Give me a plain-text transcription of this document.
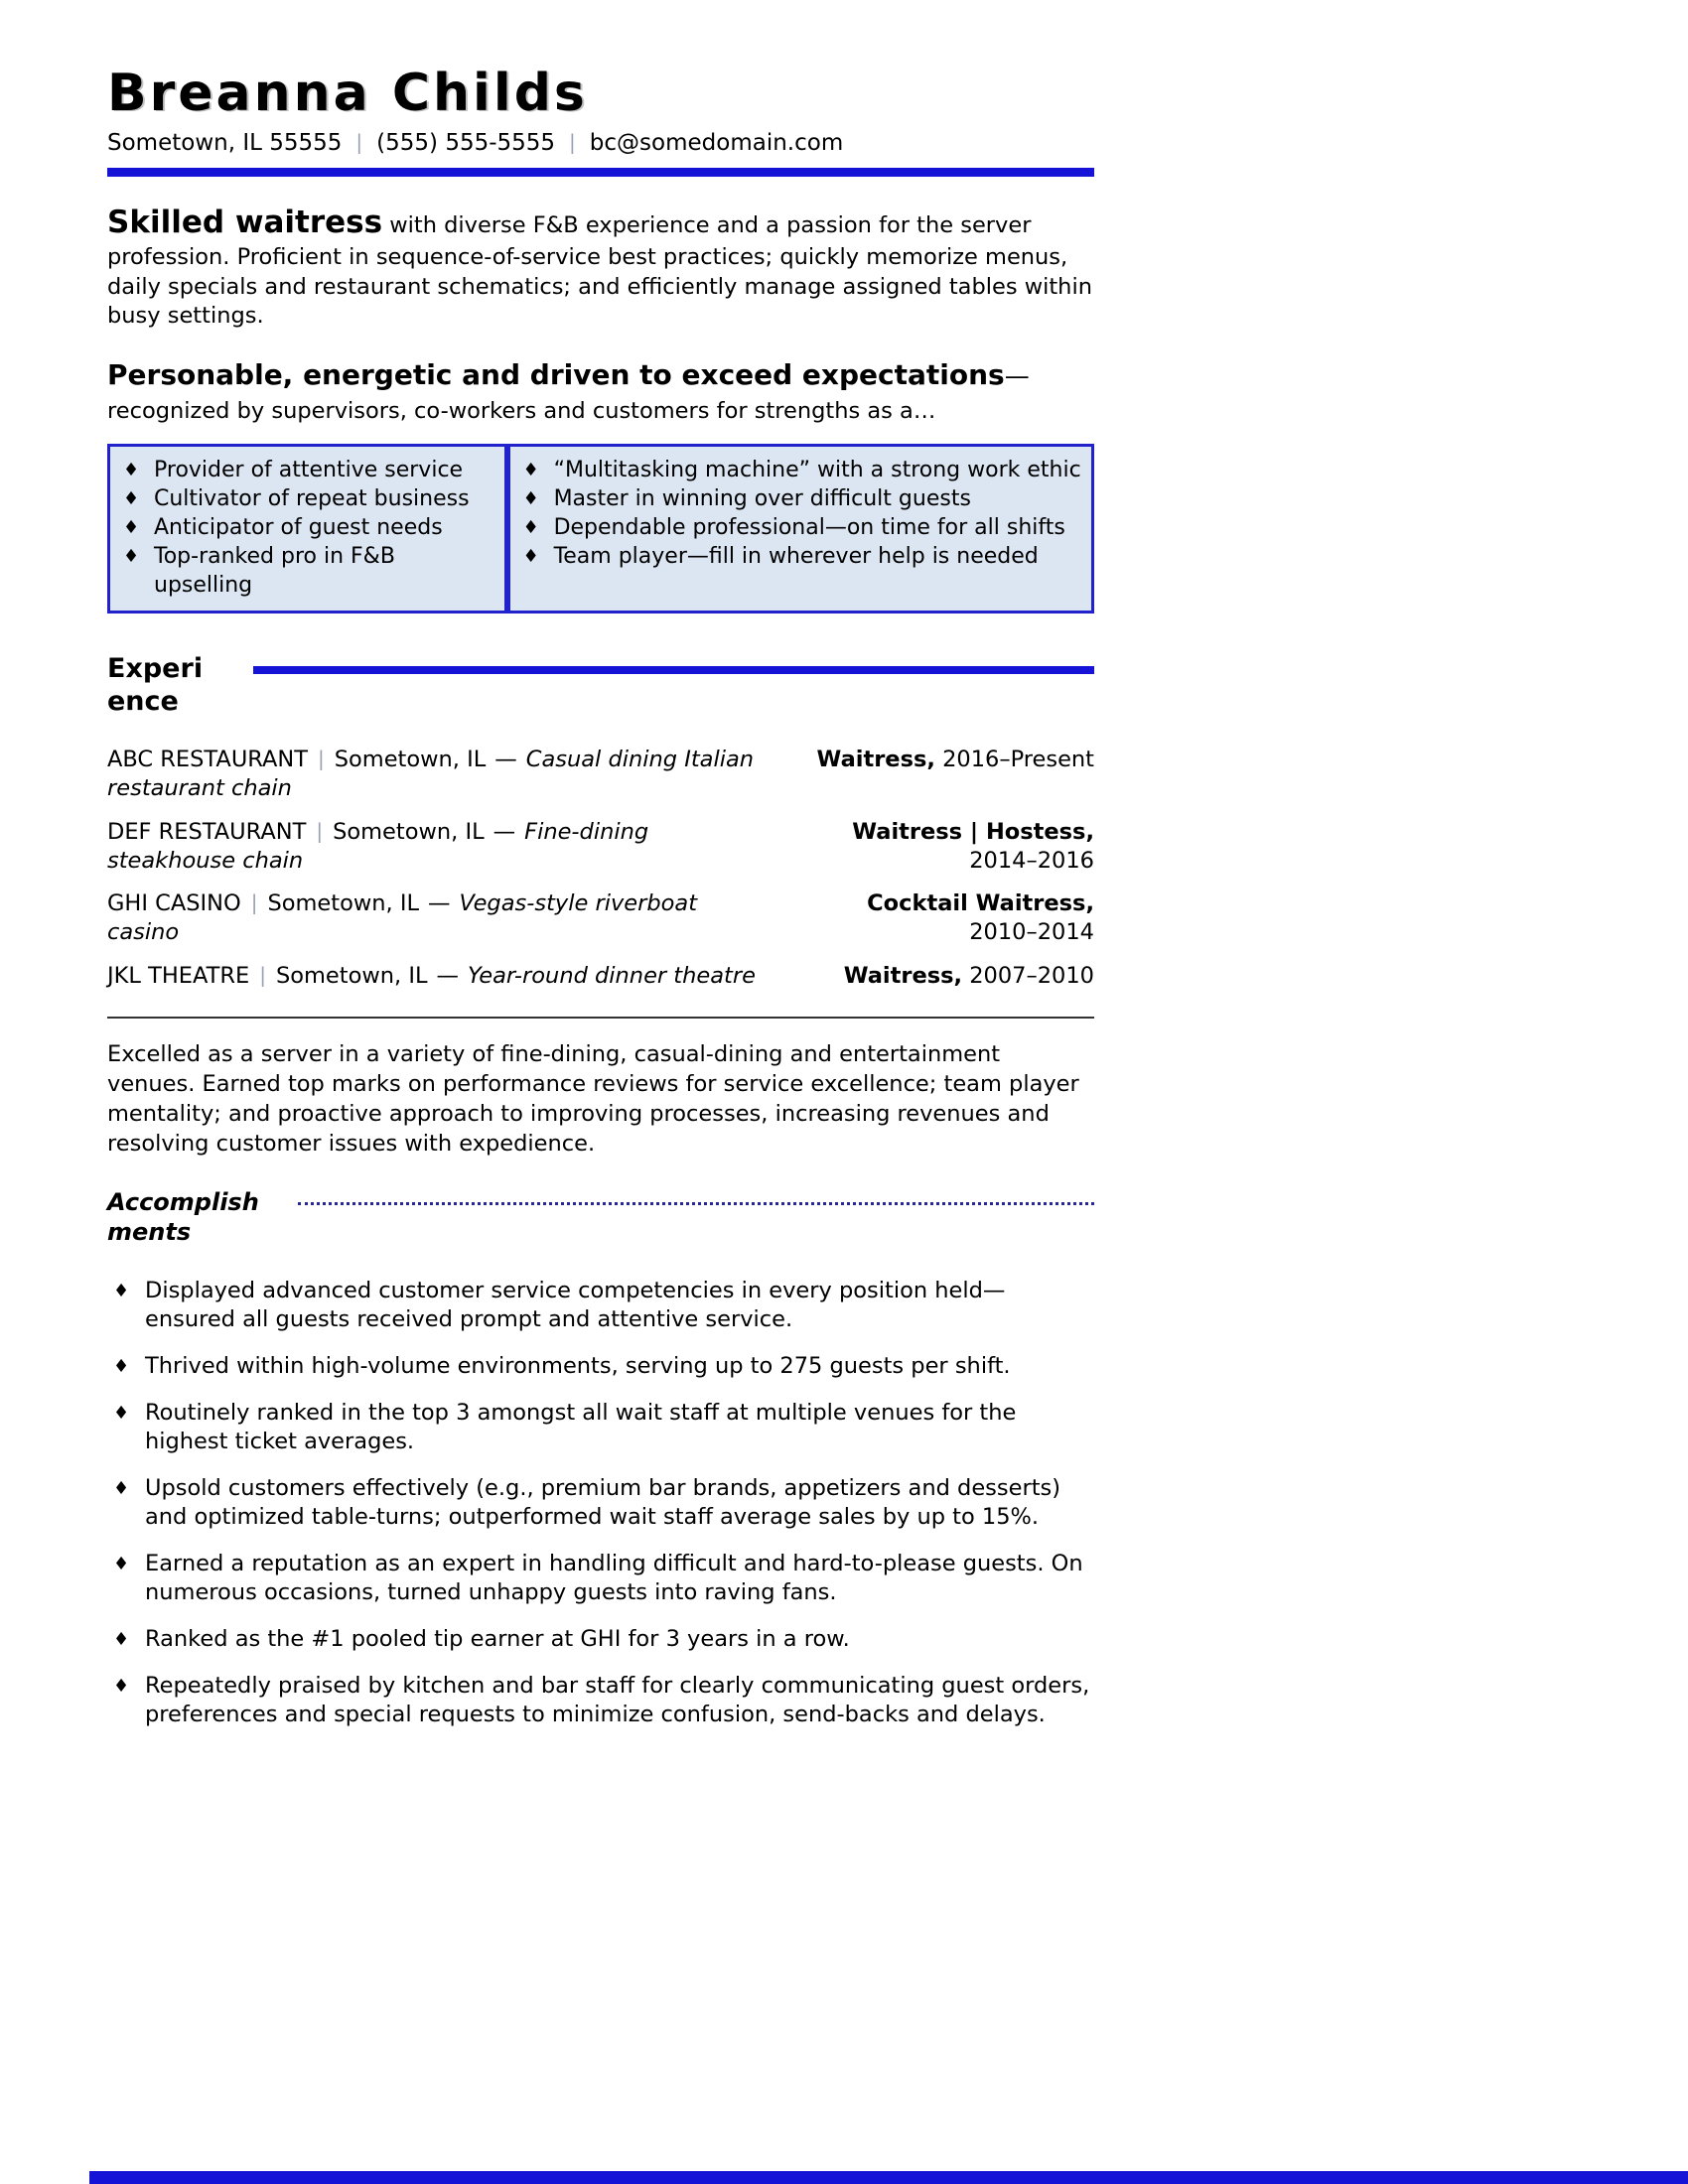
Breanna Childs
Sometown, IL 55555 | (555) 555-5555 | bc@somedomain.com

Skilled waitress with diverse F&B experience and a passion for the server profession. Proficient in sequence-of-service best practices; quickly memorize menus, daily specials and restaurant schematics; and efficiently manage assigned tables within busy settings.

Personable, energetic and driven to exceed expectations—
recognized by supervisors, co-workers and customers for strengths as a…
♦ Provider of attentive service
♦ Cultivator of repeat business
♦ Anticipator of guest needs
♦ Top-ranked pro in F&B upselling
♦ “Multitasking machine” with a strong work ethic
♦ Master in winning over difficult guests
♦ Dependable professional—on time for all shifts
♦ Team player—fill in wherever help is needed
Experience
ABC RESTAURANT | Sometown, IL — Casual dining Italian restaurant chain
Waitress, 2016–Present
DEF RESTAURANT | Sometown, IL — Fine-dining steakhouse chain
Waitress | Hostess, 2014–2016
GHI CASINO | Sometown, IL — Vegas-style riverboat casino
Cocktail Waitress, 2010–2014
JKL THEATRE | Sometown, IL — Year-round dinner theatre	Waitress, 2007–2010

Excelled as a server in a variety of fine-dining, casual-dining and entertainment venues. Earned top marks on performance reviews for service excellence; team player mentality; and proactive approach to improving processes, increasing revenues and resolving customer issues with expedience.

Accomplishments
♦ Displayed advanced customer service competencies in every position held—ensured all guests received prompt and attentive service.
♦ Thrived within high-volume environments, serving up to 275 guests per shift.
♦ Routinely ranked in the top 3 amongst all wait staff at multiple venues for the highest ticket averages.
♦ Upsold customers effectively (e.g., premium bar brands, appetizers and desserts) and optimized table-turns; outperformed wait staff average sales by up to 15%.
♦ Earned a reputation as an expert in handling difficult and hard-to-please guests. On numerous occasions, turned unhappy guests into raving fans.
♦ Ranked as the #1 pooled tip earner at GHI for 3 years in a row.
♦ Repeatedly praised by kitchen and bar staff for clearly communicating guest orders, preferences and special requests to minimize confusion, send-backs and delays.
